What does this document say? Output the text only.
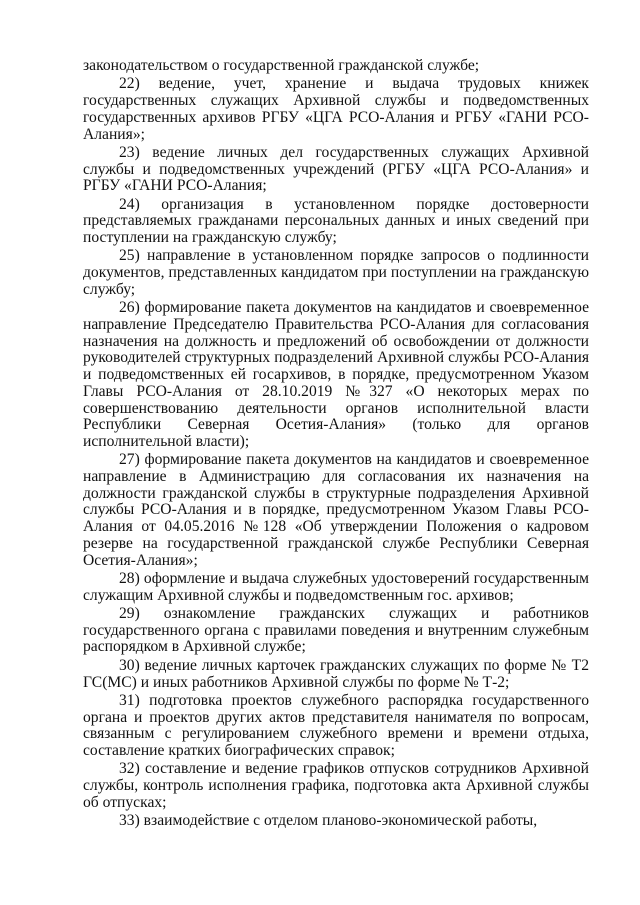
законодательством о государственной гражданской службе;

22) ведение, учет, хранение и выдача трудовых книжек государственных служащих Архивной службы и подведомственных государственных архивов РГБУ «ЦГА РСО-Алания и РГБУ «ГАНИ РСО-Алания»;

23) ведение личных дел государственных служащих Архивной службы и подведомственных учреждений (РГБУ «ЦГА РСО-Алания» и РГБУ «ГАНИ РСО-Алания;

24) организация в установленном порядке достоверности представляемых гражданами персональных данных и иных сведений при поступлении на гражданскую службу;

25) направление в установленном порядке запросов о подлинности документов, представленных кандидатом при поступлении на гражданскую службу;

26) формирование пакета документов на кандидатов и своевременное направление Председателю Правительства РСО-Алания для согласования назначения на должность и предложений об освобождении от должности руководителей структурных подразделений Архивной службы РСО-Алания и подведомственных ей госархивов, в порядке, предусмотренном Указом Главы РСО-Алания от 28.10.2019 №327 «О некоторых мерах по совершенствованию деятельности органов исполнительной власти Республики Северная Осетия-Алания» (только для органов исполнительной власти);

27) формирование пакета документов на кандидатов и своевременное направление в Администрацию для согласования их назначения на должности гражданской службы в структурные подразделения Архивной службы РСО-Алания и в порядке, предусмотренном Указом Главы РСО-Алания от 04.05.2016 №128 «Об утверждении Положения о кадровом резерве на государственной гражданской службе Республики Северная Осетия-Алания»;

28) оформление и выдача служебных удостоверений государственным служащим Архивной службы и подведомственным гос. архивов;

29) ознакомление гражданских служащих и работников государственного органа с правилами поведения и внутренним служебным распорядком в Архивной службе;

30) ведение личных карточек гражданских служащих по форме № Т2 ГС(МС) и иных работников Архивной службы по форме № Т-2;

31) подготовка проектов служебного распорядка государственного органа и проектов других актов представителя нанимателя по вопросам, связанным с регулированием служебного времени и времени отдыха, составление кратких биографических справок;

32) составление и ведение графиков отпусков сотрудников Архивной службы, контроль исполнения графика, подготовка акта Архивной службы об отпусках;

33) взаимодействие с отделом планово-экономической работы,
